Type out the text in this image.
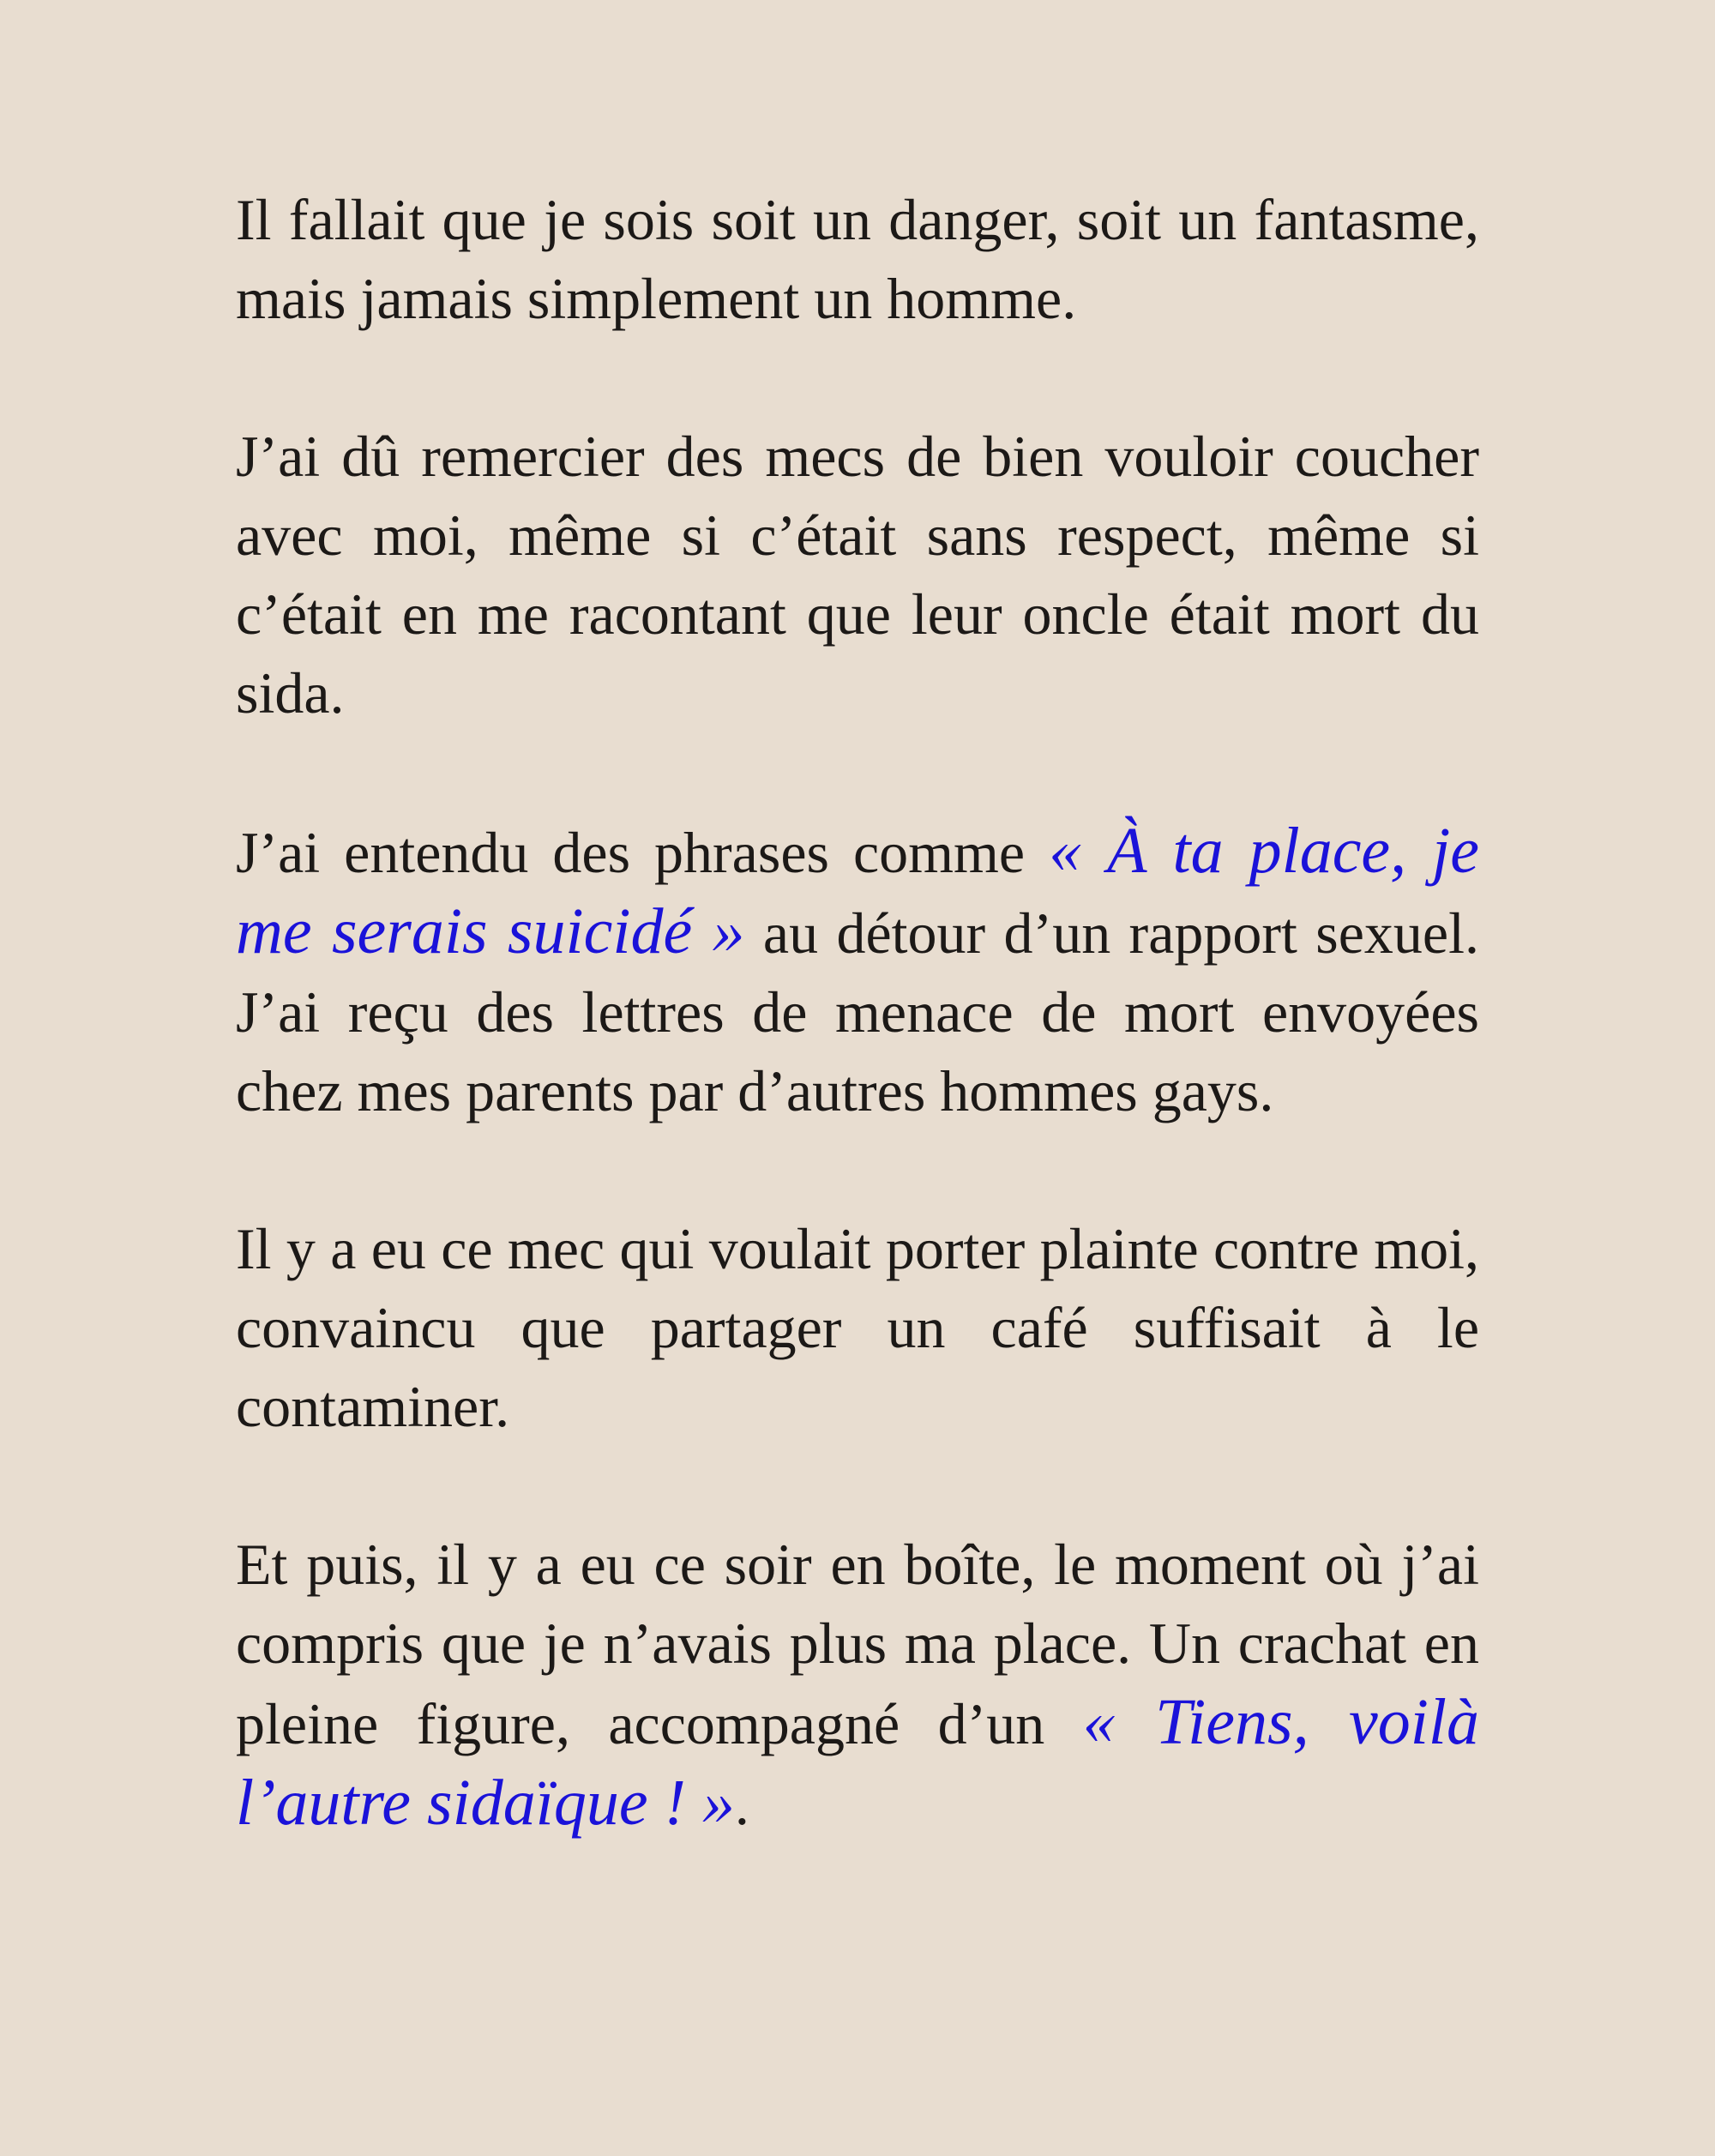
Il fallait que je sois soit un danger, soit un fantasme, mais jamais simplement un homme.

J’ai dû remercier des mecs de bien vouloir coucher avec moi, même si c’était sans respect, même si c’était en me racontant que leur oncle était mort du sida.

J’ai entendu des phrases comme « À ta place, je me serais suicidé » au détour d’un rapport sexuel. J’ai reçu des lettres de menace de mort envoyées chez mes parents par d’autres hommes gays.

Il y a eu ce mec qui voulait porter plainte contre moi, convaincu que partager un café suffisait à le contaminer.

Et puis, il y a eu ce soir en boîte, le moment où j’ai compris que je n’avais plus ma place. Un crachat en pleine figure, accompagné d’un « Tiens, voilà l’autre sidaïque ! ».
